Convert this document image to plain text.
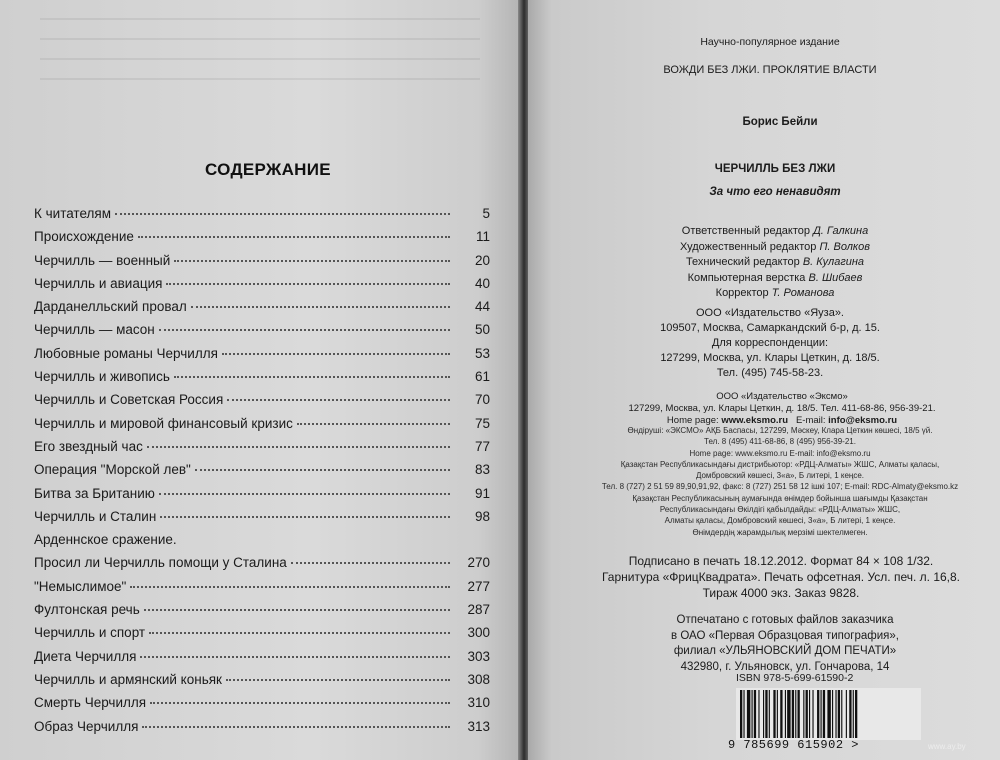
СОДЕРЖАНИЕ
К читателям	5
Происхождение	11
Черчилль — военный	20
Черчилль и авиация	40
Дарданелльский провал	44
Черчилль — масон	50
Любовные романы Черчилля	53
Черчилль и живопись	61
Черчилль и Советская Россия	70
Черчилль и мировой финансовый кризис	75
Его звездный час	77
Операция "Морской лев"	83
Битва за Британию	91
Черчилль и Сталин	98
Арденнское сражение.
Просил ли Черчилль помощи у Сталина	270
"Немыслимое"	277
Фултонская речь	287
Черчилль и спорт	300
Диета Черчилля	303
Черчилль и армянский коньяк	308
Смерть Черчилля	310
Образ Черчилля	313
Научно-популярное издание
ВОЖДИ БЕЗ ЛЖИ. ПРОКЛЯТИЕ ВЛАСТИ
Борис Бейли
ЧЕРЧИЛЛЬ БЕЗ ЛЖИ
За что его ненавидят
Ответственный редактор Д. Галкина
Художественный редактор П. Волков
Технический редактор В. Кулагина
Компьютерная верстка В. Шибаев
Корректор Т. Романова
ООО «Издательство «Яуза».
109507, Москва, Самаркандский б-р, д. 15.
Для корреспонденции:
127299, Москва, ул. Клары Цеткин, д. 18/5.
Тел. (495) 745-58-23.
ООО «Издательство «Эксмо»
127299, Москва, ул. Клары Цеткин, д. 18/5. Тел. 411-68-86, 956-39-21.
Home page: www.eksmo.ru E-mail: info@eksmo.ru
Өндіруші: «ЭКСМО» АҚБ Баспасы, 127299, Мәскеу, Клара Цеткин көшесі, 18/5 үй.
Тел. 8 (495) 411-68-86, 8 (495) 956-39-21.
Home page: www.eksmo.ru E-mail: info@eksmo.ru
Қазақстан Республикасындағы дистрибьютор: «РДЦ-Алматы» ЖШС, Алматы қаласы,
Домбровский көшесі, 3«а», Б литері, 1 кеңсе.
Тел. 8 (727) 2 51 59 89,90,91,92, факс: 8 (727) 251 58 12 ішкі 107; E-mail: RDC-Almaty@eksmo.kz
Қазақстан Республикасының аумағында өнімдер бойынша шағымды Қазақстан
Республикасындағы Өкілдігі қабылдайды: «РДЦ-Алматы» ЖШС,
Алматы қаласы, Домбровский көшесі, 3«а», Б литері, 1 кеңсе.
Өнімдердің жарамдылық мерзімі шектелмеген.
Подписано в печать 18.12.2012. Формат 84 × 108 1/32.
Гарнитура «ФрицКвадрата». Печать офсетная. Усл. печ. л. 16,8.
Тираж 4000 экз. Заказ 9828.
Отпечатано с готовых файлов заказчика
в ОАО «Первая Образцовая типография»,
филиал «УЛЬЯНОВСКИЙ ДОМ ПЕЧАТИ»
432980, г. Ульяновск, ул. Гончарова, 14
ISBN 978-5-699-61590-2
9 785699 615902 >	www.ay.by
